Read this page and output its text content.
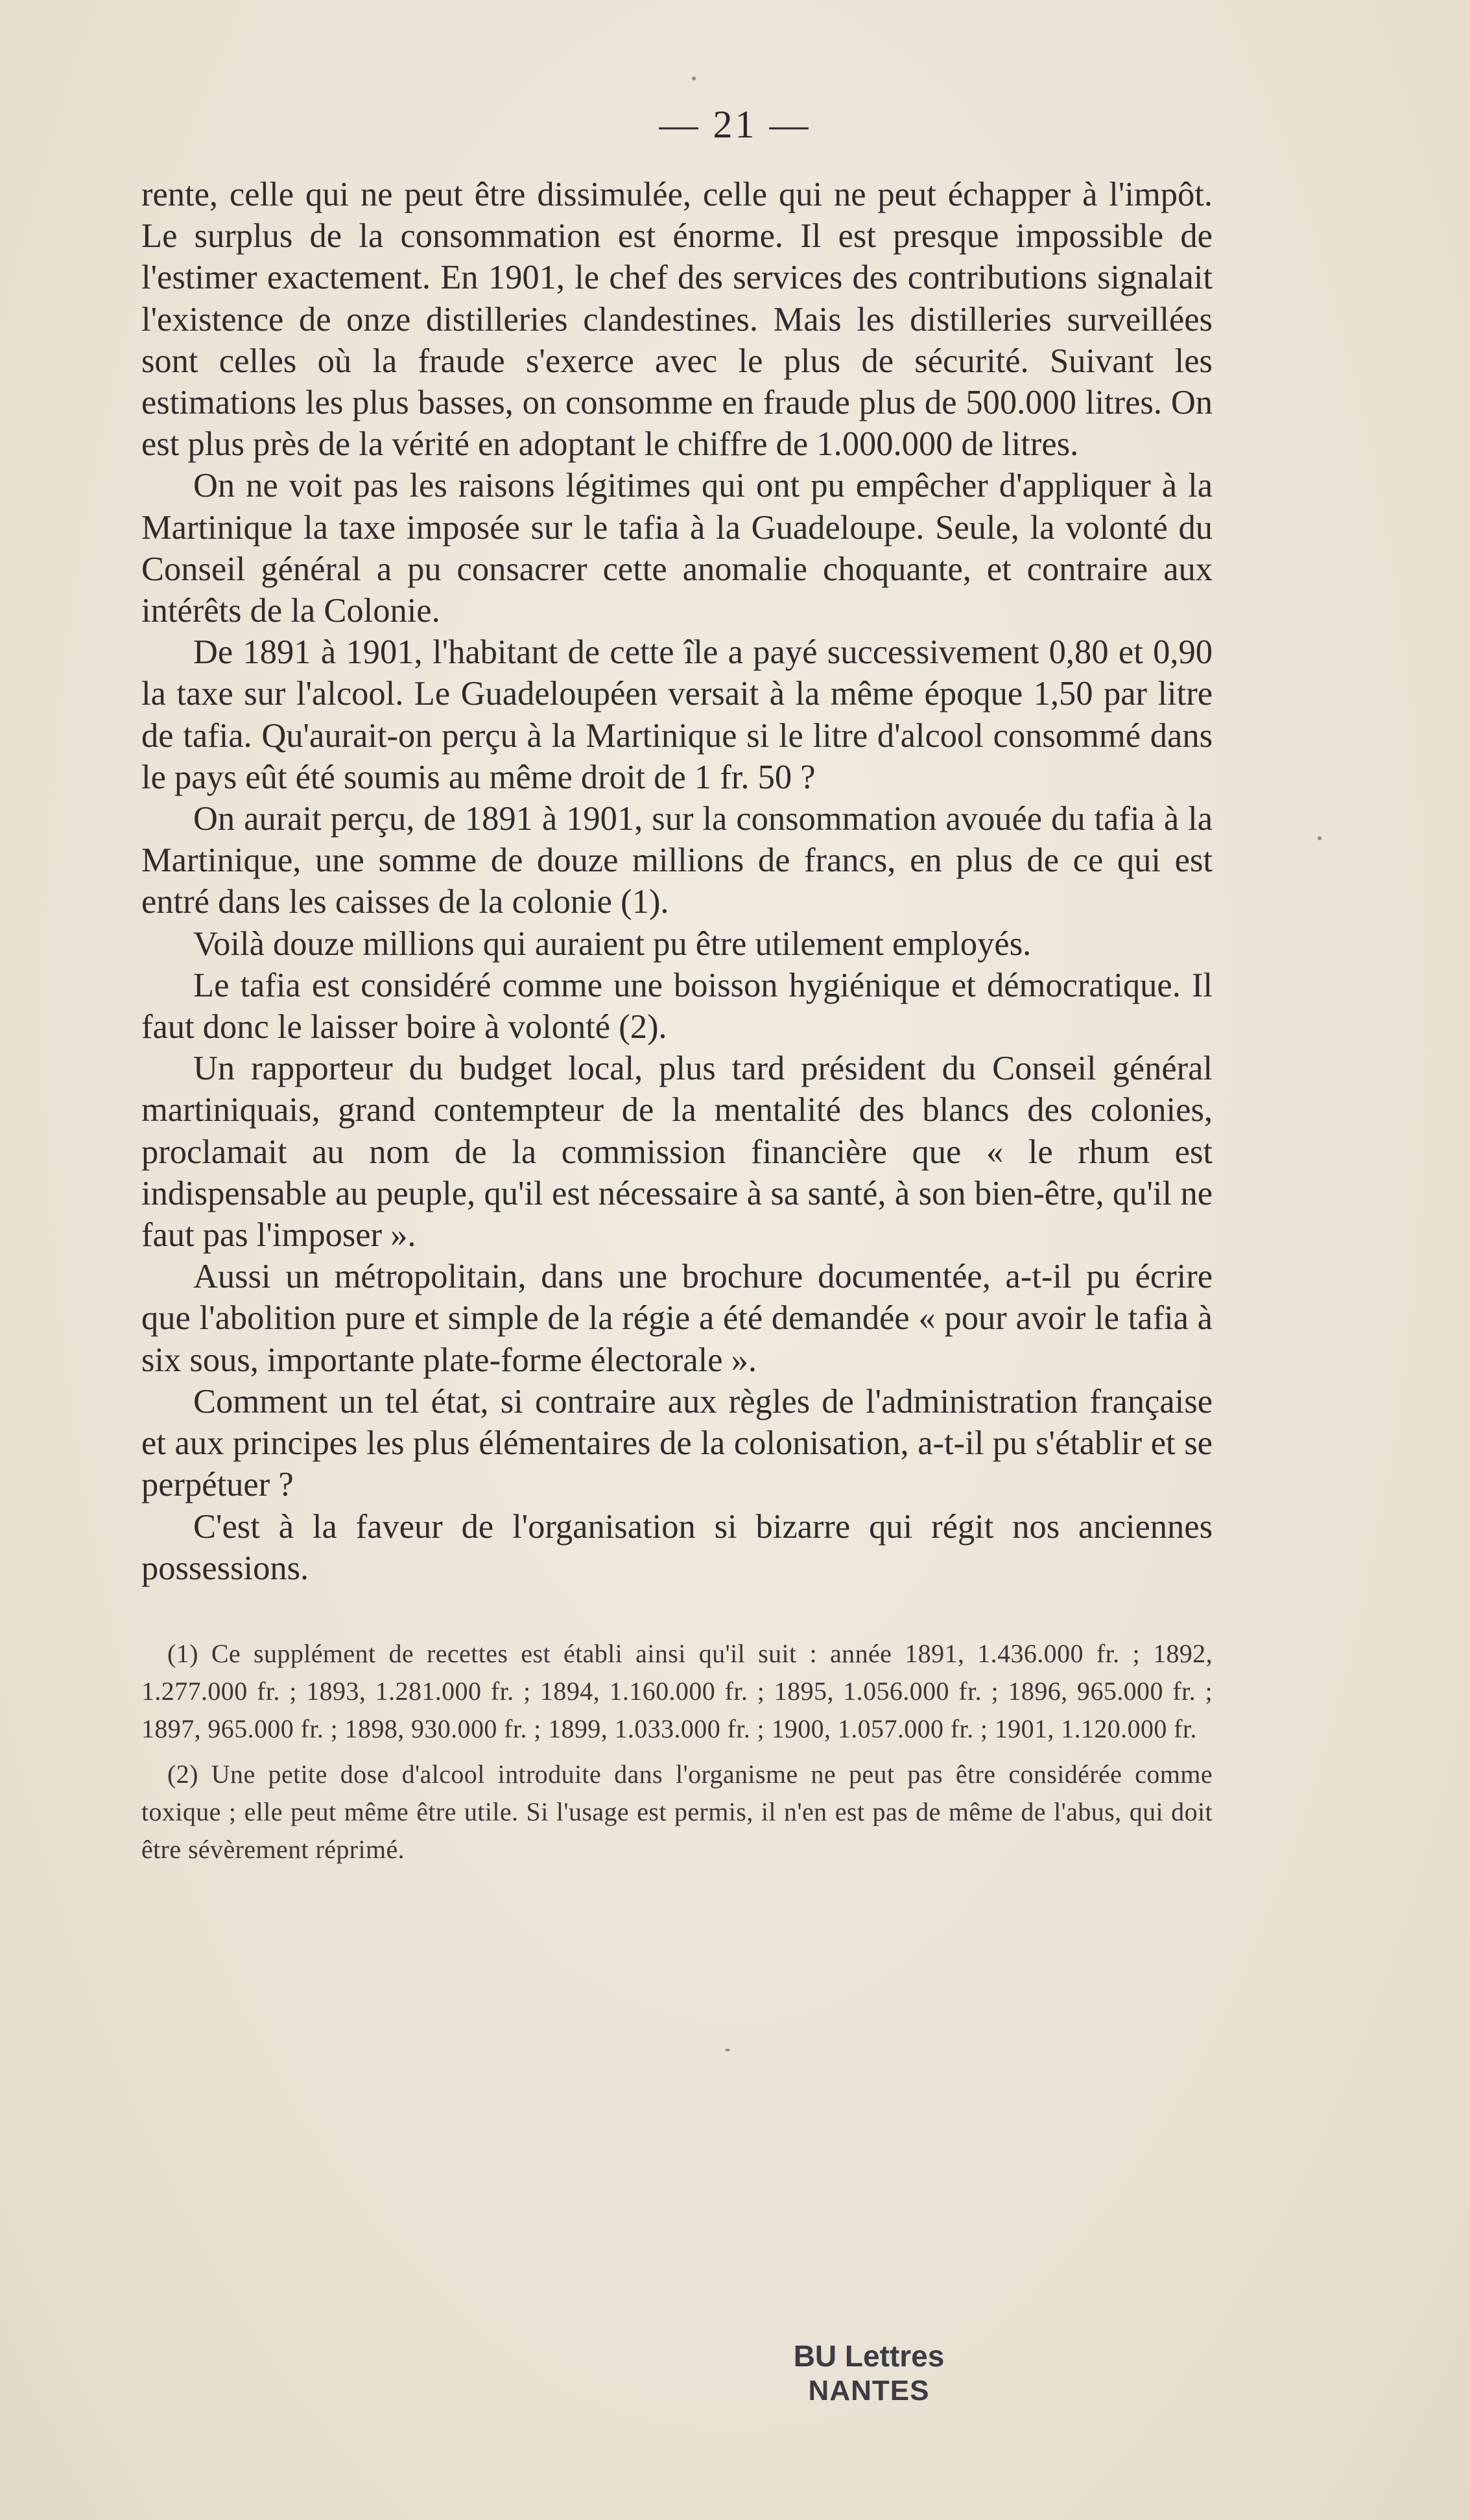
— 21 —

rente, celle qui ne peut être dissimulée, celle qui ne peut échapper à l'impôt. Le surplus de la consommation est énorme. Il est presque impossible de l'estimer exactement. En 1901, le chef des services des contributions signalait l'existence de onze distilleries clandestines. Mais les distilleries surveillées sont celles où la fraude s'exerce avec le plus de sécurité. Suivant les estimations les plus basses, on consomme en fraude plus de 500.000 litres. On est plus près de la vérité en adoptant le chiffre de 1.000.000 de litres.

On ne voit pas les raisons légitimes qui ont pu empêcher d'appliquer à la Martinique la taxe imposée sur le tafia à la Guadeloupe. Seule, la volonté du Conseil général a pu consacrer cette anomalie choquante, et contraire aux intérêts de la Colonie.

De 1891 à 1901, l'habitant de cette île a payé successivement 0,80 et 0,90 la taxe sur l'alcool. Le Guadeloupéen versait à la même époque 1,50 par litre de tafia. Qu'aurait-on perçu à la Martinique si le litre d'alcool consommé dans le pays eût été soumis au même droit de 1 fr. 50 ?

On aurait perçu, de 1891 à 1901, sur la consommation avouée du tafia à la Martinique, une somme de douze millions de francs, en plus de ce qui est entré dans les caisses de la colonie (1).

Voilà douze millions qui auraient pu être utilement employés.

Le tafia est considéré comme une boisson hygiénique et démocratique. Il faut donc le laisser boire à volonté (2).

Un rapporteur du budget local, plus tard président du Conseil général martiniquais, grand contempteur de la mentalité des blancs des colonies, proclamait au nom de la commission financière que « le rhum est indispensable au peuple, qu'il est nécessaire à sa santé, à son bien-être, qu'il ne faut pas l'imposer ».

Aussi un métropolitain, dans une brochure documentée, a-t-il pu écrire que l'abolition pure et simple de la régie a été demandée « pour avoir le tafia à six sous, importante plate-forme électorale ».

Comment un tel état, si contraire aux règles de l'administration française et aux principes les plus élémentaires de la colonisation, a-t-il pu s'établir et se perpétuer ?

C'est à la faveur de l'organisation si bizarre qui régit nos anciennes possessions.

(1) Ce supplément de recettes est établi ainsi qu'il suit : année 1891, 1.436.000 fr. ; 1892, 1.277.000 fr. ; 1893, 1.281.000 fr. ; 1894, 1.160.000 fr. ; 1895, 1.056.000 fr. ; 1896, 965.000 fr. ; 1897, 965.000 fr. ; 1898, 930.000 fr. ; 1899, 1.033.000 fr. ; 1900, 1.057.000 fr. ; 1901, 1.120.000 fr.

(2) Une petite dose d'alcool introduite dans l'organisme ne peut pas être considérée comme toxique ; elle peut même être utile. Si l'usage est permis, il n'en est pas de même de l'abus, qui doit être sévèrement réprimé.

BU Lettres
NANTES
